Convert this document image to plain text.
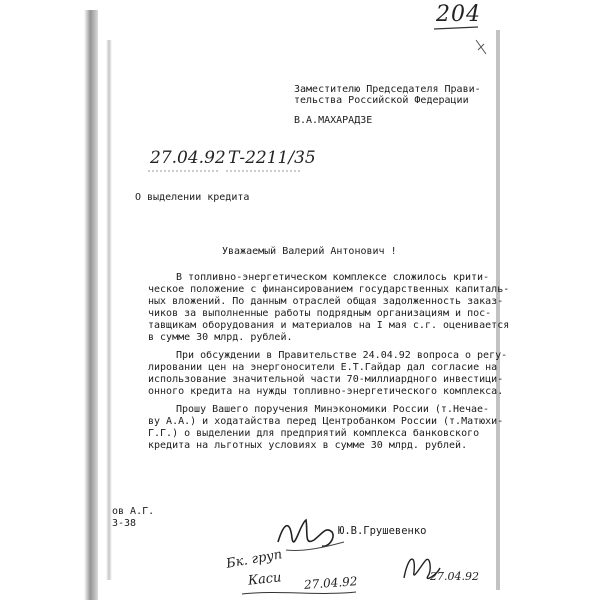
204
Заместителю Председателя Прави-
тельства Российской Федерации
В.А.МАХАРАДЗЕ
27.04.92 Т-2211/35
О выделении кредита
Уважаемый Валерий Антонович !
В топливно-энергетическом комплексе сложилось крити-
ческое положение с финансированием государственных капиталь-
ных вложений. По данным отраслей общая задолженность заказ-
чиков за выполненные работы подрядным организациям и пос-
тавщикам оборудования и материалов на I мая с.г. оценивается
в сумме 30 млрд. рублей.
При обсуждении в Правительстве 24.04.92 вопроса о регу-
лировании цен на энергоносители Е.Т.Гайдар дал согласие на
использование значительной части 70-миллиардного инвестици-
онного кредита на нужды топливно-энергетического комплекса.
Прошу Вашего поручения Минэкономики России (т.Нечае-
ву А.А.) и ходатайства перед Центробанком России (т.Матюхи-
Г.Г.) о выделении для предприятий комплекса банковского
кредита на льготных условиях в сумме 30 млрд. рублей.
ов А.Г.
3-38
Ю.В.Грушевенко
Бк. груп
Каси 27.04.92	27.04.92
